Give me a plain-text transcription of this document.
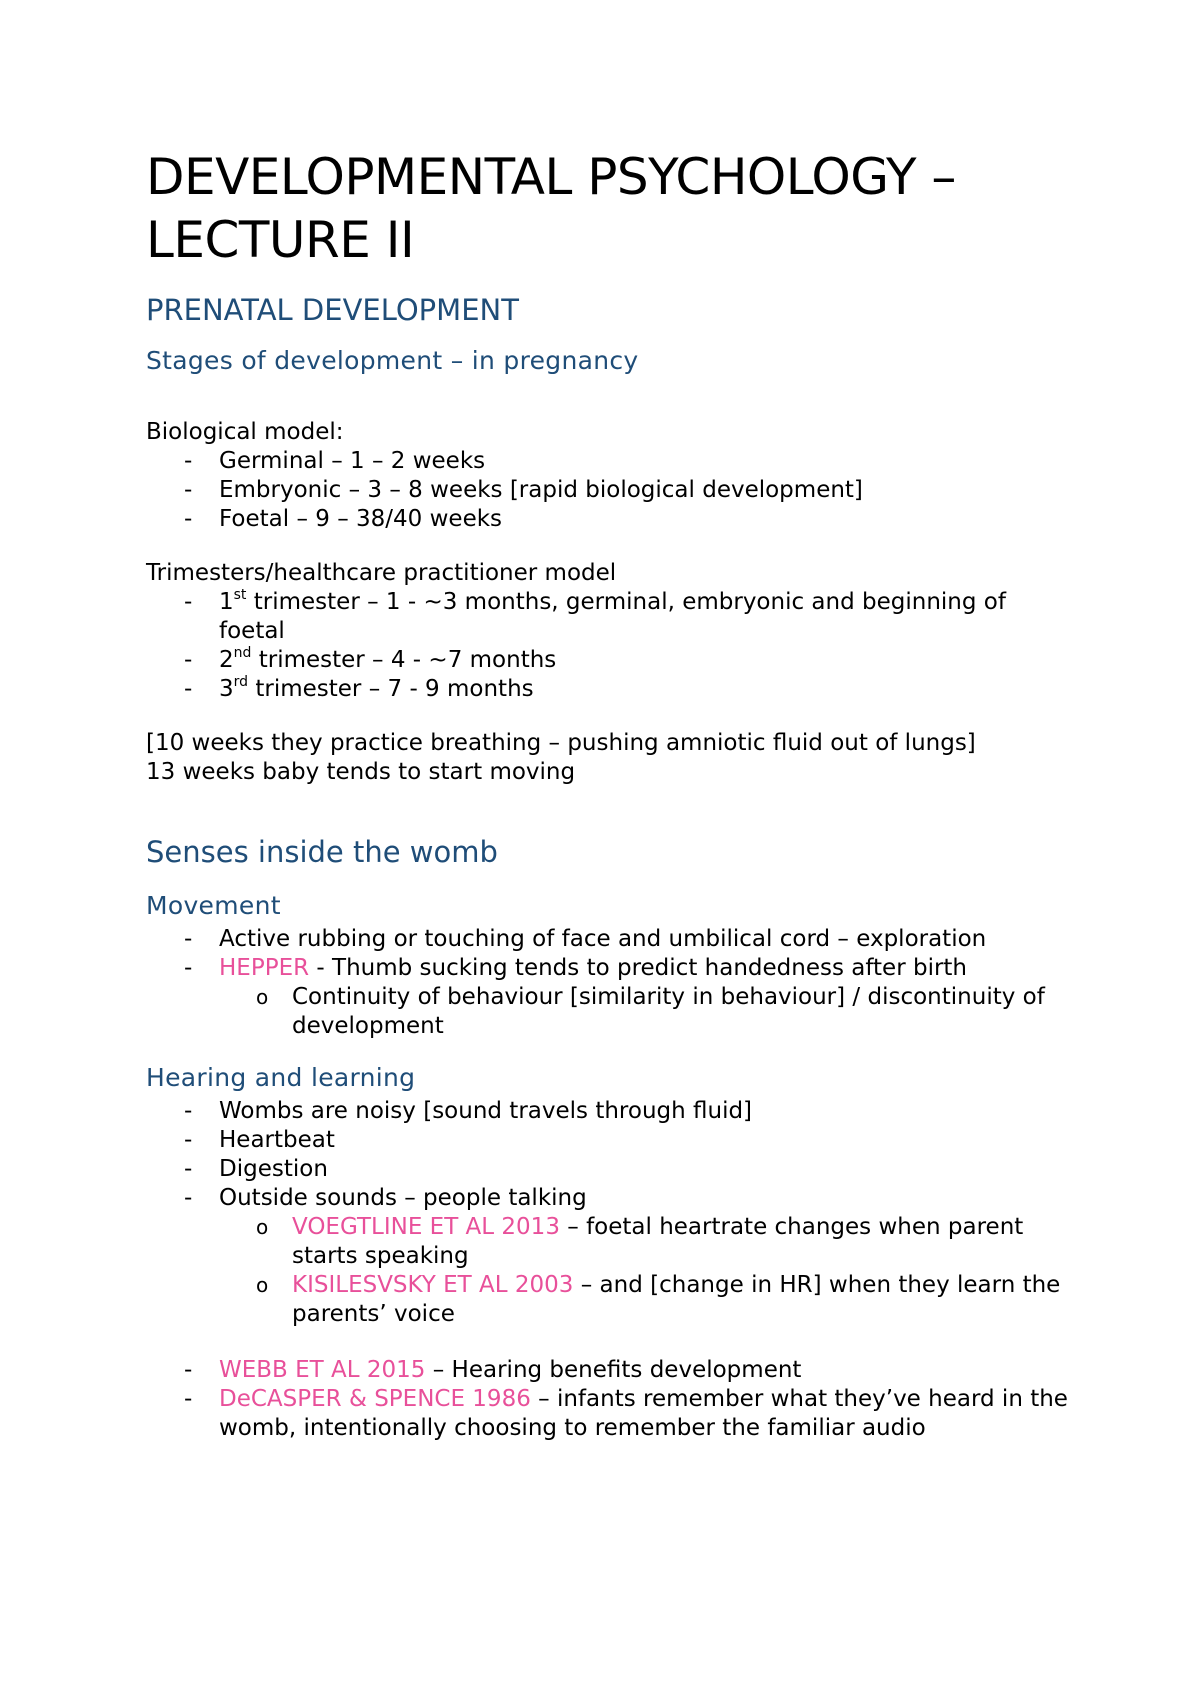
DEVELOPMENTAL PSYCHOLOGY –
LECTURE II
PRENATAL DEVELOPMENT
Stages of development – in pregnancy

Biological model:

- Germinal – 1 – 2 weeks
- Embryonic – 3 – 8 weeks [rapid biological development]
- Foetal – 9 – 38/40 weeks

Trimesters/healthcare practitioner model

- 1st trimester – 1 - ~3 months, germinal, embryonic and beginning of foetal
- 2nd trimester – 4 - ~7 months
- 3rd trimester – 7 - 9 months

[10 weeks they practice breathing – pushing amniotic fluid out of lungs]

13 weeks baby tends to start moving

Senses inside the womb
Movement
- Active rubbing or touching of face and umbilical cord – exploration
- HEPPER - Thumb sucking tends to predict handedness after birth
o Continuity of behaviour [similarity in behaviour] / discontinuity of development
Hearing and learning
- Wombs are noisy [sound travels through fluid]
- Heartbeat
- Digestion
- Outside sounds – people talking
o VOEGTLINE ET AL 2013 – foetal heartrate changes when parent starts speaking
o KISILESVSKY ET AL 2003 – and [change in HR] when they learn the parents’ voice
- WEBB ET AL 2015 – Hearing benefits development
- DeCASPER & SPENCE 1986 – infants remember what they’ve heard in the womb, intentionally choosing to remember the familiar audio
